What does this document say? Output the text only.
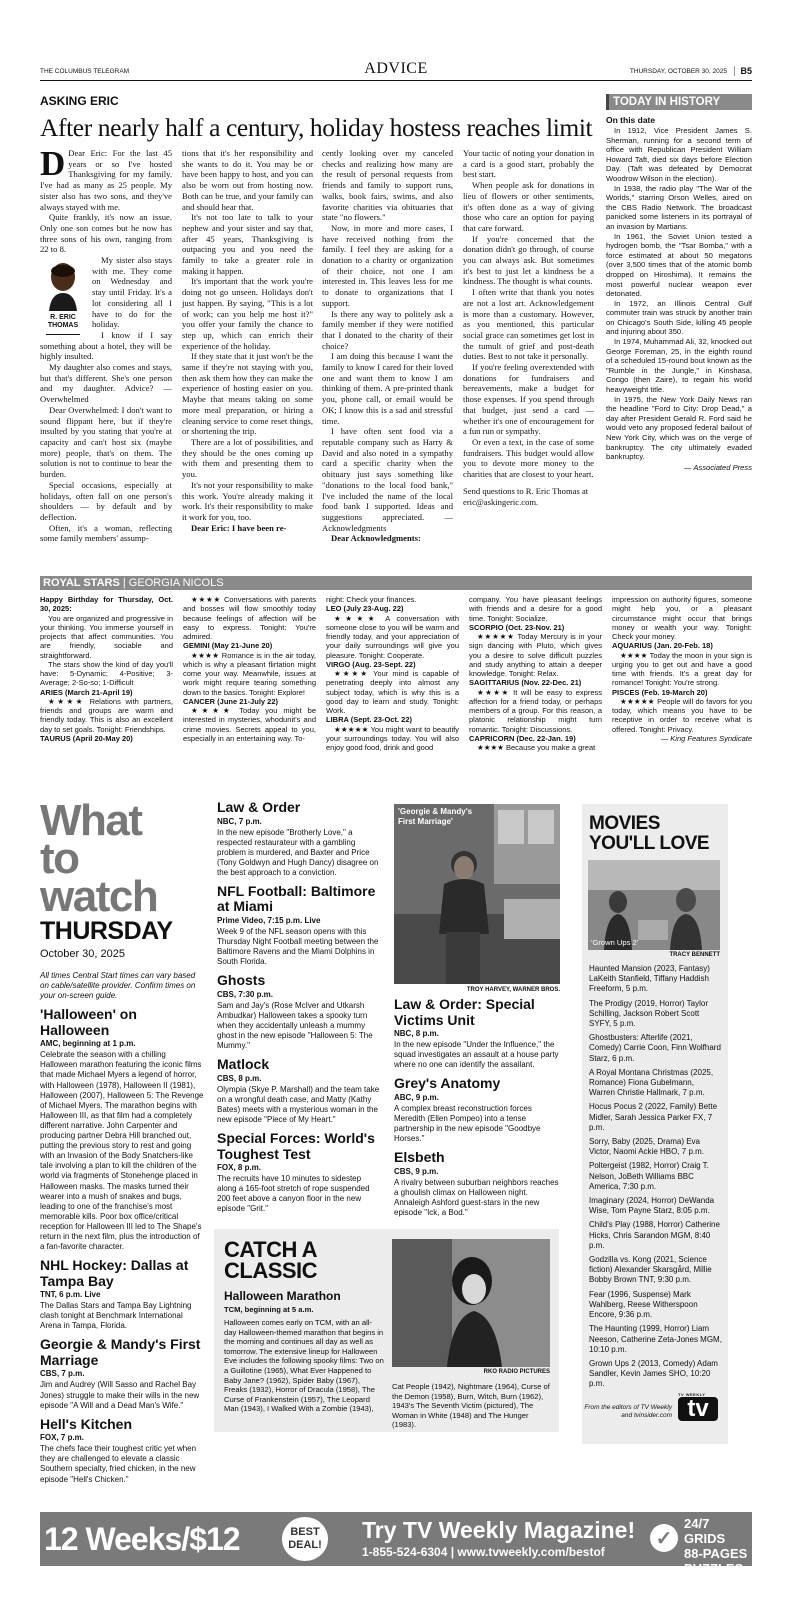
THE COLUMBUS TELEGRAM	ADVICE	THURSDAY, OCTOBER 30, 2025	B5
ASKING ERIC
After nearly half a century, holiday hostess reaches limit

D Dear Eric: For the last 45 years or so I've hosted Thanksgiving for my family. I've had as many as 25 people. My sister also has two sons, and they've always stayed with me.

Quite frankly, it's now an issue. Only one son comes but he now has three sons of his own, ranging from 22 to 8.

R. ERIC
THOMAS

My sister also stays with me. They come on Wednesday and stay until Friday. It's a lot considering all I have to do for the holiday.

I know if I say something about a hotel, they will be highly insulted.

My daughter also comes and stays, but that's different. She's one person and my daughter. Advice? — Overwhelmed

Dear Overwhelmed: I don't want to sound flippant here, but if they're insulted by you stating that you're at capacity and can't host six (maybe more) people, that's on them. The solution is not to continue to bear the burden.

Special occasions, especially at holidays, often fall on one person's shoulders — by default and by deflection.

Often, it's a woman, reflecting some family members' assump-

tions that it's her responsibility and she wants to do it. You may be or have been happy to host, and you can also be worn out from hosting now. Both can be true, and your family can and should hear that.

It's not too late to talk to your nephew and your sister and say that, after 45 years, Thanksgiving is outpacing you and you need the family to take a greater role in making it happen.

It's important that the work you're doing not go unseen. Holidays don't just happen. By saying, "This is a lot of work; can you help me host it?" you offer your family the chance to step up, which can enrich their experience of the holiday.

If they state that it just won't be the same if they're not staying with you, then ask them how they can make the experience of hosting easier on you. Maybe that means taking on some more meal preparation, or hiring a cleaning service to come reset things, or shortening the trip.

There are a lot of possibilities, and they should be the ones coming up with them and presenting them to you.

It's not your responsibility to make this work. You're already making it work. It's their responsibility to make it work for you, too.

Dear Eric: I have been re-

cently looking over my canceled checks and realizing how many are the result of personal requests from friends and family to support runs, walks, book fairs, swims, and also favorite charities via obituaries that state "no flowers."

Now, in more and more cases, I have received nothing from the family. I feel they are asking for a donation to a charity or organization of their choice, not one I am interested in. This leaves less for me to donate to organizations that I support.

Is there any way to politely ask a family member if they were notified that I donated to the charity of their choice?

I am doing this because I want the family to know I cared for their loved one and want them to know I am thinking of them. A pre-printed thank you, phone call, or email would be OK; I know this is a sad and stressful time.

I have often sent food via a reputable company such as Harry & David and also noted in a sympathy card a specific charity when the obituary just says something like "donations to the local food bank," I've included the name of the local food bank I supported. Ideas and suggestions appreciated. — Acknowledgments

Dear Acknowledgments:

Your tactic of noting your donation in a card is a good start, probably the best start.

When people ask for donations in lieu of flowers or other sentiments, it's often done as a way of giving those who care an option for paying that care forward.

If you're concerned that the donation didn't go through, of course you can always ask. But sometimes it's best to just let a kindness be a kindness. The thought is what counts.

I often write that thank you notes are not a lost art. Acknowledgement is more than a customary. However, as you mentioned, this particular social grace can sometimes get lost in the tumult of grief and post-death duties. Best to not take it personally.

If you're feeling overextended with donations for fundraisers and bereavements, make a budget for those expenses. If you spend through that budget, just send a card — whether it's one of encouragement for a fun run or sympathy.

Or even a text, in the case of some fundraisers. This budget would allow you to devote more money to the charities that are closest to your heart.

Send questions to R. Eric Thomas at eric@askingeric.com.

TODAY IN HISTORY
On this date

In 1912, Vice President James S. Sherman, running for a second term of office with Republican President William Howard Taft, died six days before Election Day. (Taft was defeated by Democrat Woodrow Wilson in the election).

In 1938, the radio play "The War of the Worlds," starring Orson Welles, aired on the CBS Radio Network. The broadcast panicked some listeners in its portrayal of an invasion by Martians.

In 1961, the Soviet Union tested a hydrogen bomb, the "Tsar Bomba," with a force estimated at about 50 megatons (over 3,500 times that of the atomic bomb dropped on Hiroshima). It remains the most powerful nuclear weapon ever detonated.

In 1972, an Illinois Central Gulf commuter train was struck by another train on Chicago's South Side, killing 45 people and injuring about 350.

In 1974, Muhammad Ali, 32, knocked out George Foreman, 25, in the eighth round of a scheduled 15-round bout known as the "Rumble in the Jungle," in Kinshasa, Congo (then Zaire), to regain his world heavyweight title.

In 1975, the New York Daily News ran the headline "Ford to City: Drop Dead," a day after President Gerald R. Ford said he would veto any proposed federal bailout of New York City, which was on the verge of bankruptcy. The city ultimately evaded bankruptcy.

— Associated Press
ROYAL STARS | GEORGIA NICOLS

Happy Birthday for Thursday, Oct. 30, 2025:

You are organized and progressive in your thinking. You immerse yourself in projects that affect communities. You are friendly, sociable and straightforward.

The stars show the kind of day you'll have: 5-Dynamic; 4-Positive; 3-Average; 2-So-so; 1-Difficult

ARIES (March 21-April 19)

★★★★ Relations with partners, friends and groups are warm and friendly today. This is also an excellent day to set goals. Tonight: Friendships.

TAURUS (April 20-May 20)

★★★★ Conversations with parents and bosses will flow smoothly today because feelings of affection will be easy to express. Tonight: You're admired.

GEMINI (May 21-June 20)

★★★★ Romance is in the air today, which is why a pleasant flirtation might come your way. Meanwhile, issues at work might require tearing something down to the basics. Tonight: Explore!

CANCER (June 21-July 22)

★★★★ Today you might be interested in mysteries, whodunit's and crime movies. Secrets appeal to you, especially in an entertaining way. To-

night: Check your finances.

LEO (July 23-Aug. 22)

★★★★ A conversation with someone close to you will be warm and friendly today, and your appreciation of your daily surroundings will give you pleasure. Tonight: Cooperate.

VIRGO (Aug. 23-Sept. 22)

★★★★ Your mind is capable of penetrating deeply into almost any subject today, which is why this is a good day to learn and study. Tonight: Work.

LIBRA (Sept. 23-Oct. 22)

★★★★★ You might want to beautify your surroundings today. You will also enjoy good food, drink and good

company. You have pleasant feelings with friends and a desire for a good time. Tonight: Socialize.

SCORPIO (Oct. 23-Nov. 21)

★★★★★ Today Mercury is in your sign dancing with Pluto, which gives you a desire to solve difficult puzzles and study anything to attain a deeper knowledge. Tonight: Relax.

SAGITTARIUS (Nov. 22-Dec. 21)

★★★★ It will be easy to express affection for a friend today, or perhaps members of a group. For this reason, a platonic relationship might turn romantic. Tonight: Discussions.

CAPRICORN (Dec. 22-Jan. 19)

★★★★ Because you make a great

impression on authority figures, someone might help you, or a pleasant circumstance might occur that brings money or wealth your way. Tonight: Check your money.

AQUARIUS (Jan. 20-Feb. 18)

★★★★ Today the moon in your sign is urging you to get out and have a good time with friends. It's a great day for romance! Tonight: You're strong.

PISCES (Feb. 19-March 20)

★★★★★ People will do favors for you today, which means you have to be receptive in order to receive what is offered. Tonight: Privacy.

— King Features Syndicate
What
to watch
THURSDAY
October 30, 2025
All times Central Start times can vary based on cable/satellite provider. Confirm times on your on-screen guide.
'Halloween' on Halloween
AMC, beginning at 1 p.m.
Celebrate the season with a chilling Halloween marathon featuring the iconic films that made Michael Myers a legend of horror, with Halloween (1978), Halloween II (1981), Halloween (2007), Halloween 5: The Revenge of Michael Myers. The marathon begins with Halloween III, as that film had a completely different narrative. John Carpenter and producing partner Debra Hill branched out, putting the previous story to rest and going with an Invasion of the Body Snatchers-like tale involving a plan to kill the children of the world via fragments of Stonehenge placed in Halloween masks. The masks turned their wearer into a mush of snakes and bugs, leading to one of the franchise's most memorable kills. Poor box office/critical reception for Halloween III led to The Shape's return in the next film, plus the introduction of a fan-favorite character.
NHL Hockey: Dallas at Tampa Bay
TNT, 6 p.m. Live
The Dallas Stars and Tampa Bay Lightning clash tonight at Benchmark International Arena in Tampa, Florida.
Georgie & Mandy's First Marriage
CBS, 7 p.m.
Jim and Audrey (Will Sasso and Rachel Bay Jones) struggle to make their wills in the new episode "A Will and a Dead Man's Wife."
Hell's Kitchen
FOX, 7 p.m.
The chefs face their toughest critic yet when they are challenged to elevate a classic Southern specialty, fried chicken, in the new episode "Hell's Chicken."
Law & Order
NBC, 7 p.m.
In the new episode "Brotherly Love," a respected restaurateur with a gambling problem is murdered, and Baxter and Price (Tony Goldwyn and Hugh Dancy) disagree on the best approach to a conviction.
NFL Football: Baltimore at Miami
Prime Video, 7:15 p.m. Live
Week 9 of the NFL season opens with this Thursday Night Football meeting between the Baltimore Ravens and the Miami Dolphins in South Florida.
Ghosts
CBS, 7:30 p.m.
Sam and Jay's (Rose McIver and Utkarsh Ambudkar) Halloween takes a spooky turn when they accidentally unleash a mummy ghost in the new episode "Halloween 5: The Mummy."
Matlock
CBS, 8 p.m.
Olympia (Skye P. Marshall) and the team take on a wrongful death case, and Matty (Kathy Bates) meets with a mysterious woman in the new episode "Piece of My Heart."
Special Forces: World's Toughest Test
FOX, 8 p.m.
The recruits have 10 minutes to sidestep along a 165-foot stretch of rope suspended 200 feet above a canyon floor in the new episode "Grit."
'Georgie & Mandy's First Marriage'
TROY HARVEY, WARNER BROS.
Law & Order: Special Victims Unit
NBC, 8 p.m.
In the new episode "Under the Influence," the squad investigates an assault at a house party where no one can identify the assailant.
Grey's Anatomy
ABC, 9 p.m.
A complex breast reconstruction forces Meredith (Ellen Pompeo) into a tense partnership in the new episode "Goodbye Horses."
Elsbeth
CBS, 9 p.m.
A rivalry between suburban neighbors reaches a ghoulish climax on Halloween night. Annaleigh Ashford guest-stars in the new episode "Ick, a Bod."
CATCH A
CLASSIC
Halloween Marathon
TCM, beginning at 5 a.m.
Halloween comes early on TCM, with an all-day Halloween-themed marathon that begins in the morning and continues all day as well as tomorrow. The extensive lineup for Halloween Eve includes the following spooky films: Two on a Guillotine (1965), What Ever Happened to Baby Jane? (1962), Spider Baby (1967), Freaks (1932), Horror of Dracula (1958), The Curse of Frankenstein (1957), The Leopard Man (1943), I Walked With a Zombie (1943),
RKO RADIO PICTURES
Cat People (1942), Nightmare (1964), Curse of the Demon (1958), Burn, Witch, Burn (1962), 1943's The Seventh Victim (pictured), The Woman in White (1948) and The Hunger (1983).
MOVIES
YOU'LL LOVE
'Grown Ups 2'
TRACY BENNETT
Haunted Mansion (2023, Fantasy) LaKeith Stanfield, Tiffany Haddish Freeform, 5 p.m.
The Prodigy (2019, Horror) Taylor Schilling, Jackson Robert Scott SYFY, 5 p.m.
Ghostbusters: Afterlife (2021, Comedy) Carrie Coon, Finn Wolfhard Starz, 6 p.m.
A Royal Montana Christmas (2025, Romance) Fiona Gubelmann, Warren Christie Hallmark, 7 p.m.
Hocus Pocus 2 (2022, Family) Bette Midler, Sarah Jessica Parker FX, 7 p.m.
Sorry, Baby (2025, Drama) Eva Victor, Naomi Ackie HBO, 7 p.m.
Poltergeist (1982, Horror) Craig T. Nelson, JoBeth Williams BBC America, 7:30 p.m.
Imaginary (2024, Horror) DeWanda Wise, Tom Payne Starz, 8:05 p.m.
Child's Play (1988, Horror) Catherine Hicks, Chris Sarandon MGM, 8:40 p.m.
Godzilla vs. Kong (2021, Science fiction) Alexander Skarsgård, Millie Bobby Brown TNT, 9:30 p.m.
Fear (1996, Suspense) Mark Wahlberg, Reese Witherspoon Encore, 9:36 p.m.
The Haunting (1999, Horror) Liam Neeson, Catherine Zeta-Jones MGM, 10:10 p.m.
Grown Ups 2 (2013, Comedy) Adam Sandler, Kevin James SHO, 10:20 p.m.
From the editors of TV Weekly and tvinsider.com
TV WEEKLY
tv
12 Weeks/$12	BEST
DEAL!
Try TV Weekly Magazine!
1-855-524-6304 | www.tvweekly.com/bestof
✓
24/7 GRIDS
88-PAGES
PUZZLES
